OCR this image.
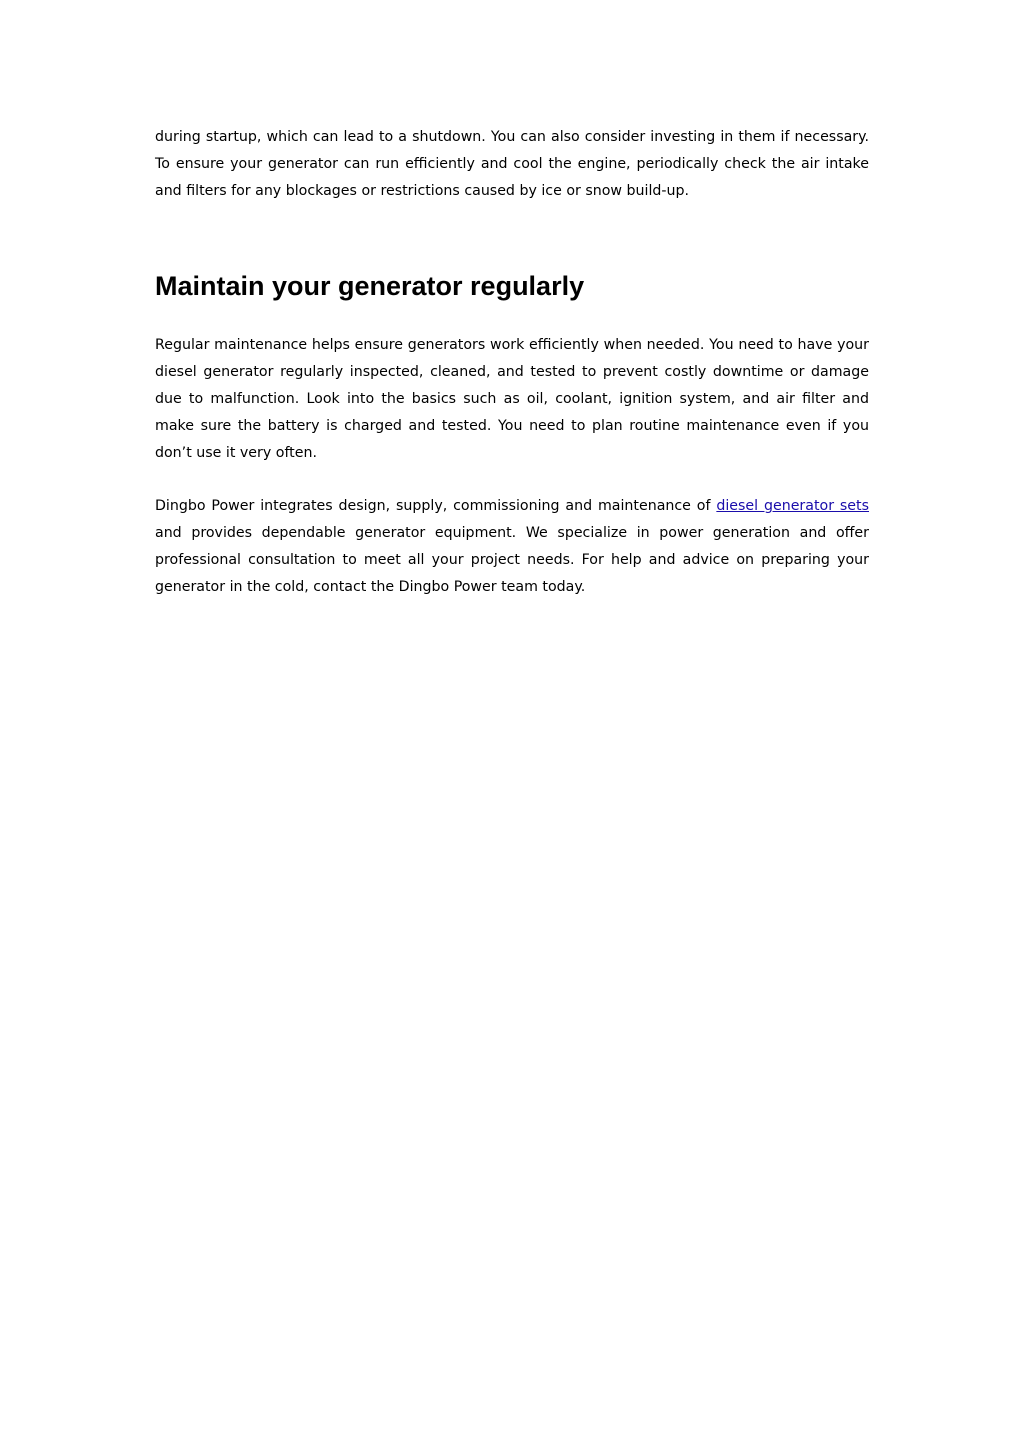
during startup, which can lead to a shutdown. You can also consider investing in them if necessary. To ensure your generator can run efficiently and cool the engine, periodically check the air intake and filters for any blockages or restrictions caused by ice or snow build-up.

Maintain your generator regularly

Regular maintenance helps ensure generators work efficiently when needed. You need to have your diesel generator regularly inspected, cleaned, and tested to prevent costly downtime or damage due to malfunction. Look into the basics such as oil, coolant, ignition system, and air filter and make sure the battery is charged and tested. You need to plan routine maintenance even if you don’t use it very often.

Dingbo Power integrates design, supply, commissioning and maintenance of diesel generator sets and provides dependable generator equipment. We specialize in power generation and offer professional consultation to meet all your project needs. For help and advice on preparing your generator in the cold, contact the Dingbo Power team today.
